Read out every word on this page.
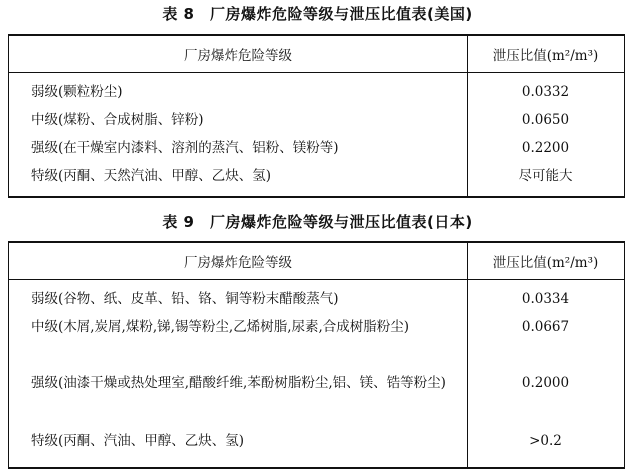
表 8　厂房爆炸危险等级与泄压比值表(美国)
厂房爆炸危险等级	泄压比值(m²/m³)
弱级(颗粒粉尘)	0.0332
中级(煤粉、合成树脂、锌粉)	0.0650
强级(在干燥室内漆料、溶剂的蒸汽、铝粉、镁粉等)	0.2200
特级(丙酮、天然汽油、甲醇、乙炔、氢)	尽可能大
表 9　厂房爆炸危险等级与泄压比值表(日本)
厂房爆炸危险等级	泄压比值(m²/m³)
弱级(谷物、纸、皮革、铅、铬、铜等粉末醋酸蒸气)	0.0334
中级(木屑,炭屑,煤粉,锑,锡等粉尘,乙烯树脂,尿素,合成树脂粉尘)	0.0667
强级(油漆干燥或热处理室,醋酸纤维,苯酚树脂粉尘,铝、镁、锆等粉尘)	0.2000
特级(丙酮、汽油、甲醇、乙炔、氢)	>0.2
